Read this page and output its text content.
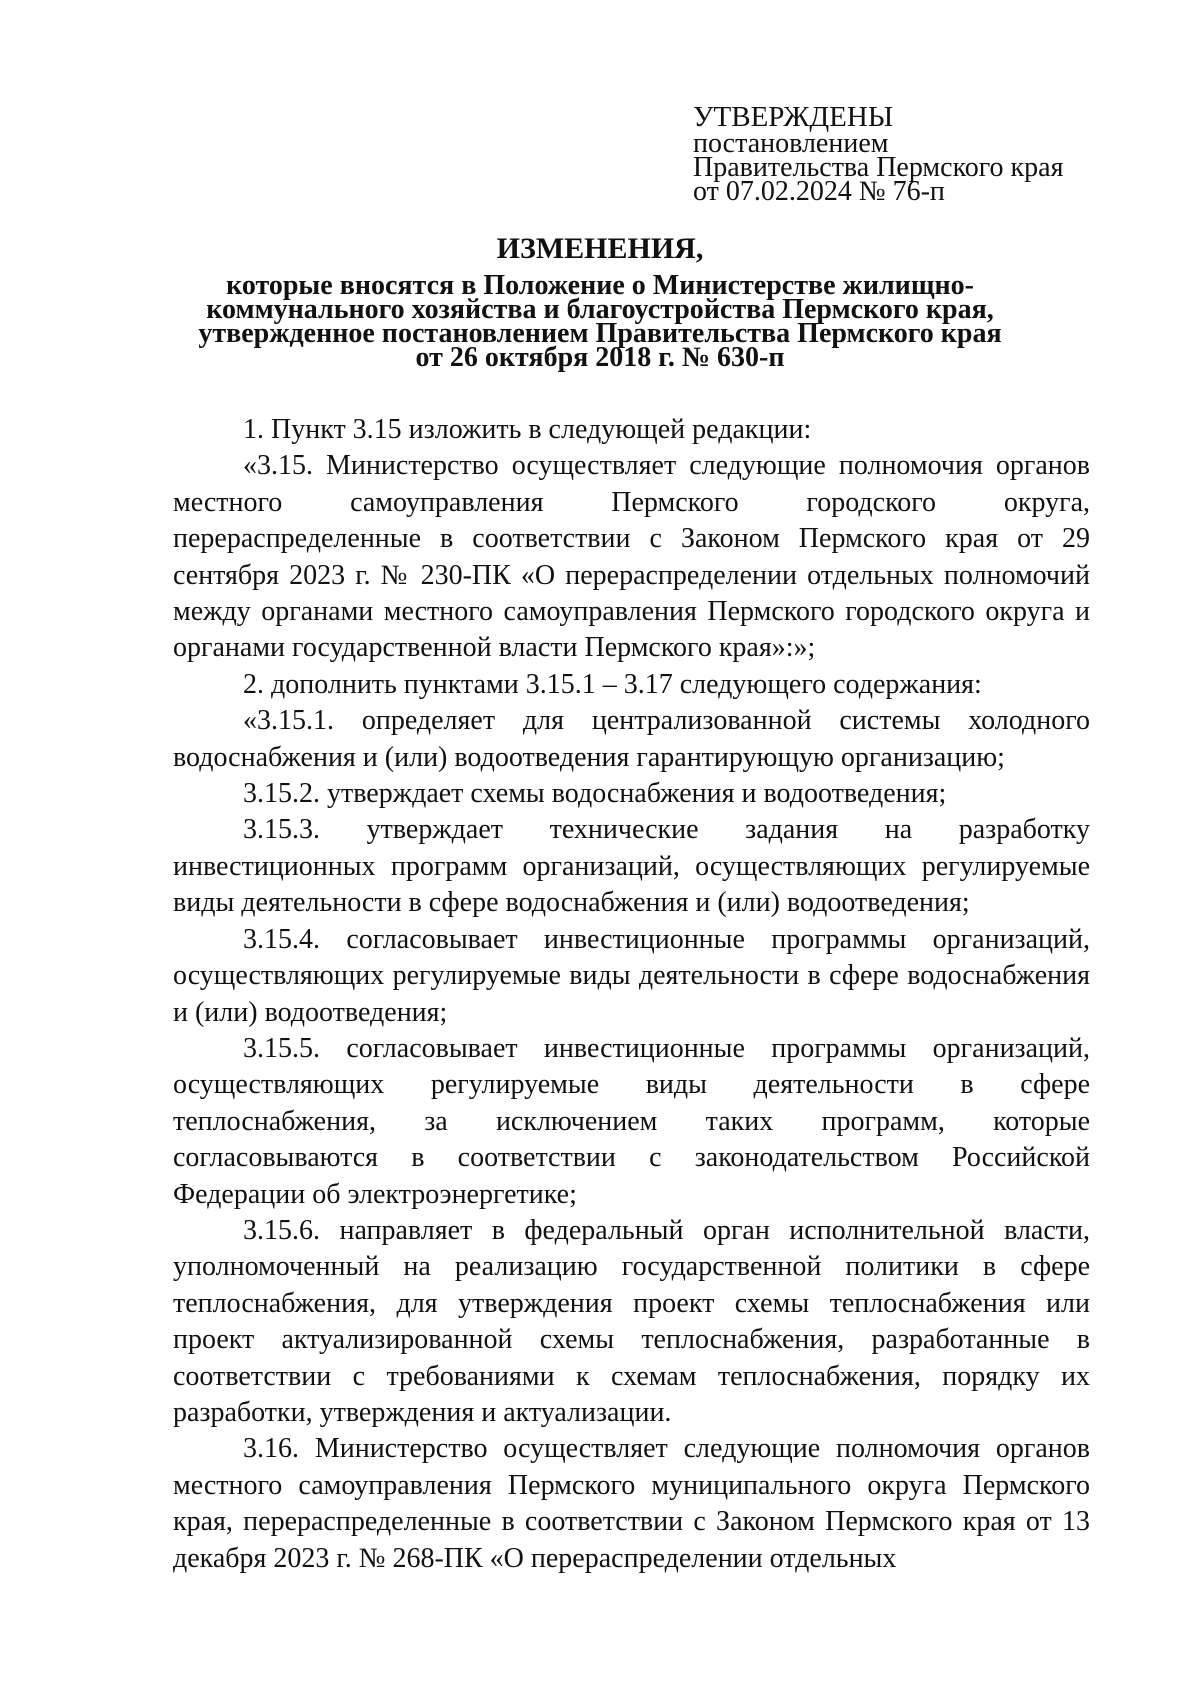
УТВЕРЖДЕНЫ
постановлением
Правительства Пермского края
от 07.02.2024 № 76-п
ИЗМЕНЕНИЯ,
которые вносятся в Положение о Министерстве жилищно-
коммунального хозяйства и благоустройства Пермского края,
утвержденное постановлением Правительства Пермского края
от 26 октября 2018 г. № 630-п

1. Пункт 3.15 изложить в следующей редакции:

«3.15. Министерство осуществляет следующие полномочия органов местного самоуправления Пермского городского округа, перераспределенные в соответствии с Законом Пермского края от 29 сентября 2023 г. № 230-ПК «О перераспределении отдельных полномочий между органами местного самоуправления Пермского городского округа и органами государственной власти Пермского края»:»;

2. дополнить пунктами 3.15.1 – 3.17 следующего содержания:

«3.15.1. определяет для централизованной системы холодного водоснабжения и (или) водоотведения гарантирующую организацию;

3.15.2. утверждает схемы водоснабжения и водоотведения;

3.15.3. утверждает технические задания на разработку инвестиционных программ организаций, осуществляющих регулируемые виды деятельности в сфере водоснабжения и (или) водоотведения;

3.15.4. согласовывает инвестиционные программы организаций, осуществляющих регулируемые виды деятельности в сфере водоснабжения и (или) водоотведения;

3.15.5. согласовывает инвестиционные программы организаций, осуществляющих регулируемые виды деятельности в сфере теплоснабжения, за исключением таких программ, которые согласовываются в соответствии с законодательством Российской Федерации об электроэнергетике;

3.15.6. направляет в федеральный орган исполнительной власти, уполномоченный на реализацию государственной политики в сфере теплоснабжения, для утверждения проект схемы теплоснабжения или проект актуализированной схемы теплоснабжения, разработанные в соответствии с требованиями к схемам теплоснабжения, порядку их разработки, утверждения и актуализации.

3.16. Министерство осуществляет следующие полномочия органов местного самоуправления Пермского муниципального округа Пермского края, перераспределенные в соответствии с Законом Пермского края от 13 декабря 2023 г. № 268-ПК «О перераспределении отдельных
